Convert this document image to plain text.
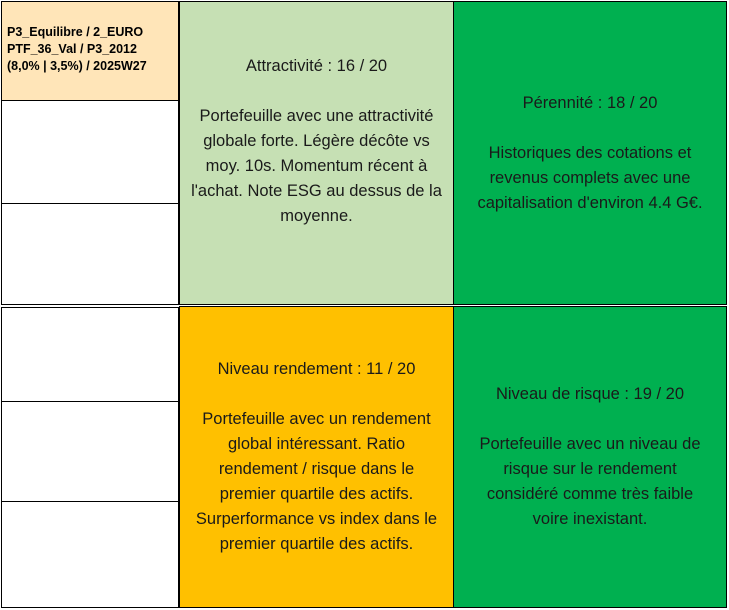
P3_Equilibre / 2_EURO
PTF_36_Val / P3_2012
(8,0% | 3,5%) / 2025W27	Attractivité : 16 / 20
Portefeuille avec une attractivité
globale forte. Légère décôte vs
moy. 10s. Momentum récent à
l'achat. Note ESG au dessus de la
moyenne.
Pérennité : 18 / 20
Historiques des cotations et
revenus complets avec une
capitalisation d'environ 4.4 G€.
Niveau rendement : 11 / 20
Portefeuille avec un rendement
global intéressant. Ratio
rendement / risque dans le
premier quartile des actifs.
Surperformance vs index dans le
premier quartile des actifs.
Niveau de risque : 19 / 20
Portefeuille avec un niveau de
risque sur le rendement
considéré comme très faible
voire inexistant.
